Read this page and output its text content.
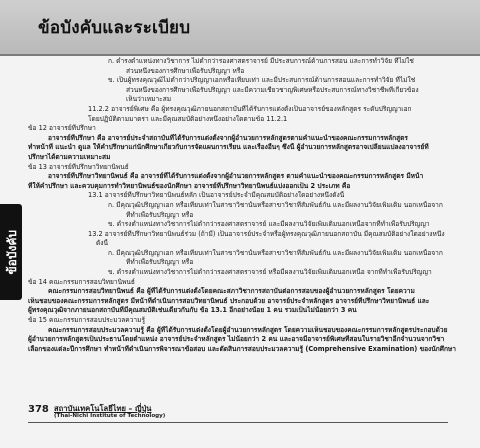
ข้อบังคับและระเบียบ
ข้อบังคับ
ก. ดำรงตำแหน่งทางวิชาการ ไม่ต่ำกว่ารองศาสตราจารย์ มีประสบการณ์ด้านการสอน และการทำวิจัย ที่ไม่ใช่
ส่วนหนึ่งของการศึกษาเพื่อรับปริญญา หรือ
ข. เป็นผู้ทรงคุณวุฒิไม่ต่ำกว่าปริญญาเอกหรือเทียบเท่า และมีประสบการณ์ด้านการสอนและการทำวิจัย ที่ไม่ใช่
ส่วนหนึ่งของการศึกษาเพื่อรับปริญญา และมีความเชี่ยวชาญพิเศษหรือประสบการณ์ทางวิชาชีพที่เกี่ยวข้อง
เห็นว่าเหมาะสม
11.2.2 อาจารย์พิเศษ คือ ผู้ทรงคุณวุฒิภายนอกสถาบันที่ได้รับการแต่งตั้งเป็นอาจารย์ของหลักสูตร ระดับปริญญาเอก
โดยปฏิบัติตามมาตรา และมีคุณสมบัติอย่างหนึ่งอย่างใดตามข้อ 11.2.1
ข้อ 12 อาจารย์ที่ปรึกษา
อาจารย์ที่ปรึกษา คือ อาจารย์ประจำสถาบันที่ได้รับการแต่งตั้งจากผู้อำนวยการหลักสูตรตามคำแนะนำของคณะกรรมการหลักสูตร
ทำหน้าที่ แนะนำ ดูแล ให้คำปรึกษาแก่นักศึกษาเกี่ยวกับการจัดแผนการเรียน และเรื่องอื่นๆ ซึ่งนี้ ผู้อำนวยการหลักสูตรอาจเปลี่ยนแปลงอาจารย์ที่
ปรึกษาได้ตามความเหมาะสม
ข้อ 13 อาจารย์ที่ปรึกษาวิทยานิพนธ์
อาจารย์ที่ปรึกษาวิทยานิพนธ์ คือ อาจารย์ที่ได้รับการแต่งตั้งจากผู้อำนวยการหลักสูตร ตามคำแนะนำของคณะกรรมการหลักสูตร มีหน้า
ที่ให้คำปรึกษา และควบคุมการทำวิทยานิพนธ์ของนักศึกษา อาจารย์ที่ปรึกษาวิทยานิพนธ์แบ่งออกเป็น 2 ประเภท คือ
13.1 อาจารย์ที่ปรึกษาวิทยานิพนธ์หลัก เป็นอาจารย์ประจำมีคุณสมบัติอย่างใดอย่างหนึ่งดังนี้
ก. มีคุณวุฒิปริญญาเอก หรือเทียบเท่าในสาขาวิชานั้นหรือสาขาวิชาที่สัมพันธ์กัน และมีผลงานวิจัยเพิ่มเติม นอกเหนือจาก
ที่ทำเพื่อรับปริญญา หรือ
ข. ดำรงตำแหน่งทางวิชาการไม่ต่ำกว่ารองศาสตราจารย์ และมีผลงานวิจัยเพิ่มเติมนอกเหนือจากที่ทำเพื่อรับปริญญา
13.2 อาจารย์ที่ปรึกษาวิทยานิพนธ์ร่วม (ถ้ามี) เป็นอาจารย์ประจำหรือผู้ทรงคุณวุฒิภายนอกสถาบัน มีคุณสมบัติอย่างใดอย่างหนึ่ง
ดังนี้
ก. มีคุณวุฒิปริญญาเอก หรือเทียบเท่าในสาขาวิชานั้นหรือสาขาวิชาที่สัมพันธ์กัน และมีผลงานวิจัยเพิ่มเติม นอกเหนือจาก
ที่ทำเพื่อรับปริญญา หรือ
ข. ดำรงตำแหน่งทางวิชาการไม่ต่ำกว่ารองศาสตราจารย์ หรือมีผลงานวิจัยเพิ่มเติมนอกเหนือ จากที่ทำเพื่อรับปริญญา
ข้อ 14 คณะกรรมการสอบวิทยานิพนธ์
คณะกรรมการสอบวิทยานิพนธ์ คือ ผู้ที่ได้รับการแต่งตั้งโดยคณะสภาวิชาการสถาบันต่อการสอบของผู้อำนวยการหลักสูตร โดยความ
เห็นชอบของคณะกรรมการหลักสูตร มีหน้าที่ดำเนินการสอบวิทยานิพนธ์ ประกอบด้วย อาจารย์ประจำหลักสูตร อาจารย์ที่ปรึกษาวิทยานิพนธ์ และ
ผู้ทรงคุณวุฒิจากภายนอกสถาบันที่มีคุณสมบัติเช่นเดียวกันกับ ข้อ 13.1 อีกอย่างน้อย 1 คน รวมเป็นไม่น้อยกว่า 3 คน
ข้อ 15 คณะกรรมการสอบประมวลความรู้
คณะกรรมการสอบประมวลความรู้ คือ ผู้ที่ได้รับการแต่งตั้งโดยผู้อำนวยการหลักสูตร โดยความเห็นชอบของคณะกรรมการหลักสูตรประกอบด้วย
ผู้อำนวยการหลักสูตรเป็นประธานโดยตำแหน่ง อาจารย์ประจำหลักสูตร ไม่น้อยกว่า 2 คน และอาจมีอาจารย์พิเศษที่สอนในรายวิชาอีกจำนวนจากวิชา
เลือกของแต่ละปีการศึกษา ทำหน้าที่ดำเนินการพิจารณาข้อสอบ และตัดสินการสอบประมวลความรู้ (Comprehensive Examination) ของนักศึกษา
378 สถาบันเทคโนโลยีไทย – ญี่ปุ่น
(Thai-Nichi Institute of Technology)
